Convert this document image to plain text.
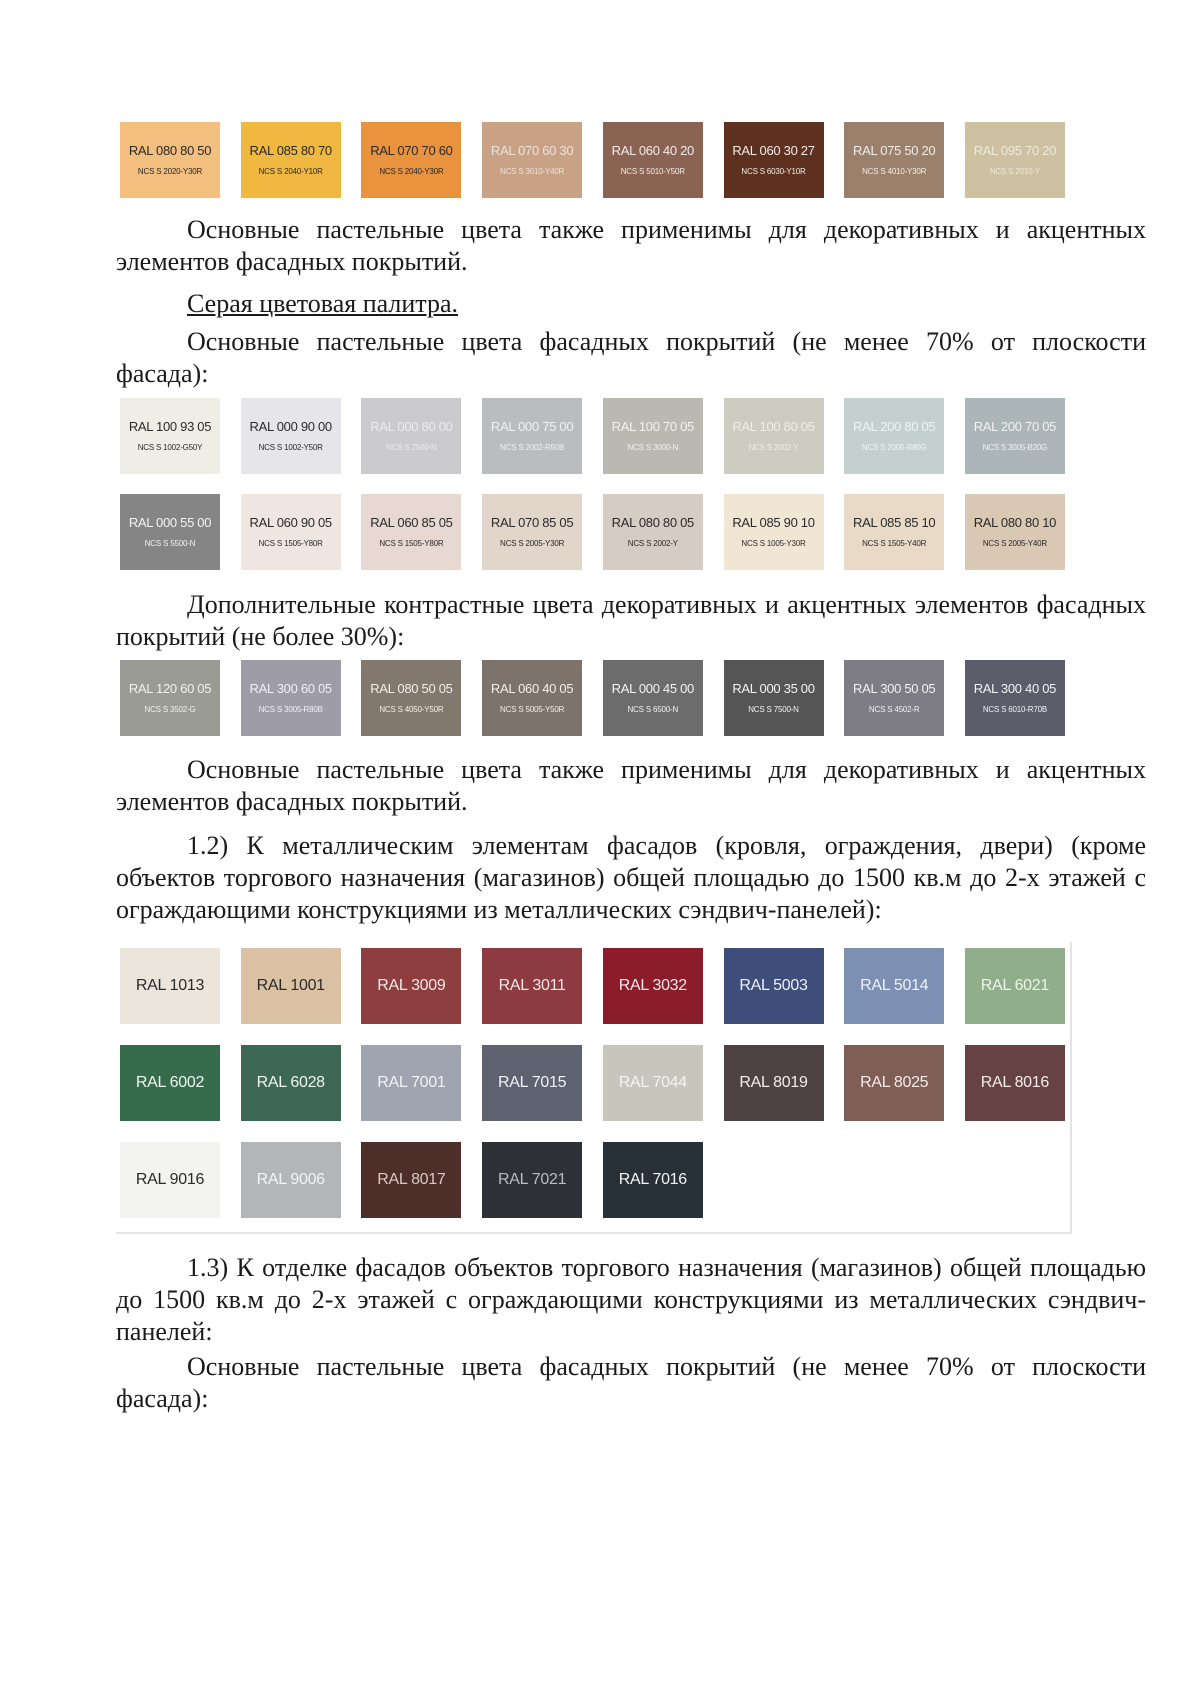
RAL 080 80 50
NCS S 2020-Y30R
RAL 085 80 70
NCS S 2040-Y10R
RAL 070 70 60
NCS S 2040-Y30R
RAL 070 60 30
NCS S 3010-Y40R
RAL 060 40 20
NCS S 5010-Y50R
RAL 060 30 27
NCS S 6030-Y10R
RAL 075 50 20
NCS S 4010-Y30R
RAL 095 70 20
NCS S 2010-Y

Основные пастельные цвета также применимы для декоративных и акцентных элементов фасадных покрытий.

Серая цветовая палитра.

Основные пастельные цвета фасадных покрытий (не менее 70% от плоскости фасада):

RAL 100 93 05
NCS S 1002-G50Y
RAL 000 90 00
NCS S 1002-Y50R
RAL 000 80 00
NCS S 2500-N
RAL 000 75 00
NCS S 2002-R50B
RAL 100 70 05
NCS S 3000-N
RAL 100 80 05
NCS S 2002-Y
RAL 200 80 05
NCS S 2005-B80G
RAL 200 70 05
NCS S 3005-B20G
RAL 000 55 00
NCS S 5500-N
RAL 060 90 05
NCS S 1505-Y80R
RAL 060 85 05
NCS S 1505-Y80R
RAL 070 85 05
NCS S 2005-Y30R
RAL 080 80 05
NCS S 2002-Y
RAL 085 90 10
NCS S 1005-Y30R
RAL 085 85 10
NCS S 1505-Y40R
RAL 080 80 10
NCS S 2005-Y40R

Дополнительные контрастные цвета декоративных и акцентных элементов фасадных покрытий (не более 30%):

RAL 120 60 05
NCS S 3502-G
RAL 300 60 05
NCS S 3005-R80B
RAL 080 50 05
NCS S 4050-Y50R
RAL 060 40 05
NCS S 5005-Y50R
RAL 000 45 00
NCS S 6500-N
RAL 000 35 00
NCS S 7500-N
RAL 300 50 05
NCS S 4502-R
RAL 300 40 05
NCS S 6010-R70B

Основные пастельные цвета также применимы для декоративных и акцентных элементов фасадных покрытий.

1.2) К металлическим элементам фасадов (кровля, ограждения, двери) (кроме объектов торгового назначения (магазинов) общей площадью до 1500 кв.м до 2-х этажей с ограждающими конструкциями из металлических сэндвич-панелей):

RAL 1013	RAL 1001	RAL 3009	RAL 3011	RAL 3032	RAL 5003	RAL 5014	RAL 6021
RAL 6002	RAL 6028	RAL 7001	RAL 7015	RAL 7044	RAL 8019	RAL 8025	RAL 8016
RAL 9016	RAL 9006	RAL 8017	RAL 7021	RAL 7016

1.3) К отделке фасадов объектов торгового назначения (магазинов) общей площадью до 1500 кв.м до 2-х этажей с ограждающими конструкциями из металлических сэндвич-панелей:

Основные пастельные цвета фасадных покрытий (не менее 70% от плоскости фасада):
